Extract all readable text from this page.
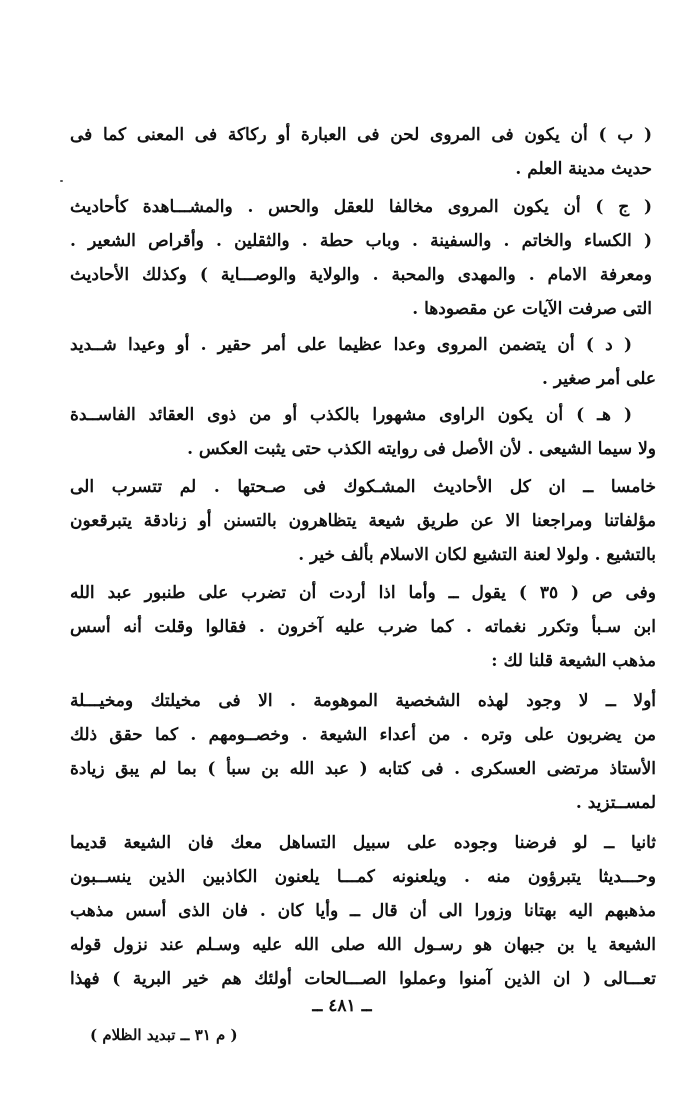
( ب ) أن يكون فى المروى لحن فى العبارة أو ركاكة فى المعنى كما فى
حديث مدينة العلم .

( ج ) أن يكون المروى مخالفا للعقل والحس . والمشـــاهدة كأحاديث
( الكساء والخاتم . والسفينة . وباب حطة . والثقلين . وأقراص الشعير .
ومعرفة الامام . والمهدى والمحبة . والولاية والوصـــاية ) وكذلك الأحاديث
التى صرفت الآيات عن مقصودها .

( د ) أن يتضمن المروى وعدا عظيما على أمر حقير . أو وعيدا شــديد
على أمر صغير .

( هـ ) أن يكون الراوى مشهورا بالكذب أو من ذوى العقائد الفاســدة
ولا سيما الشيعى . لأن الأصل فى روايته الكذب حتى يثبت العكس .

خامسا ــ ان كل الأحاديث المشـكوك فى صـحتها . لم تتسرب الى
مؤلفاتنا ومراجعنا الا عن طريق شيعة يتظاهرون بالتسنن أو زنادقة يتبرقعون
بالتشيع . ولولا لعنة التشيع لكان الاسلام بألف خير .

وفى ص ( ٣٥ ) يقول ــ وأما اذا أردت أن تضرب على طنبور عبد الله
ابن سـبأ وتكرر نغماته . كما ضرب عليه آخرون . فقالوا وقلت أنه أسس
مذهب الشيعة قلنا لك :

أولا ــ لا وجود لهذه الشخصية الموهومة . الا فى مخيلتك ومخيـــلة
من يضربون على وتره . من أعداء الشيعة . وخصــومهم . كما حقق ذلك
الأستاذ مرتضى العسكرى . فى كتابه ( عبد الله بن سبأ ) بما لم يبق زيادة
لمســتزيد .

ثانيا ــ لو فرضنا وجوده على سبيل التساهل معك فان الشيعة قديما
وحـــديثا يتبرؤون منه . ويلعنونه كمـــا يلعنون الكاذبين الذين ينســبون
مذهبهم اليه بهتانا وزورا الى أن قال ــ وأيا كان . فان الذى أسس مذهب
الشيعة يا بن جبهان هو رسـول الله صلى الله عليه وسـلم عند نزول قوله
تعـــالى ( ان الذين آمنوا وعملوا الصـــالحات أولئك هم خير البرية ) فهذا

ــ ٤٨١ ــ
( م ٣١ ــ تبديد الظلام )
